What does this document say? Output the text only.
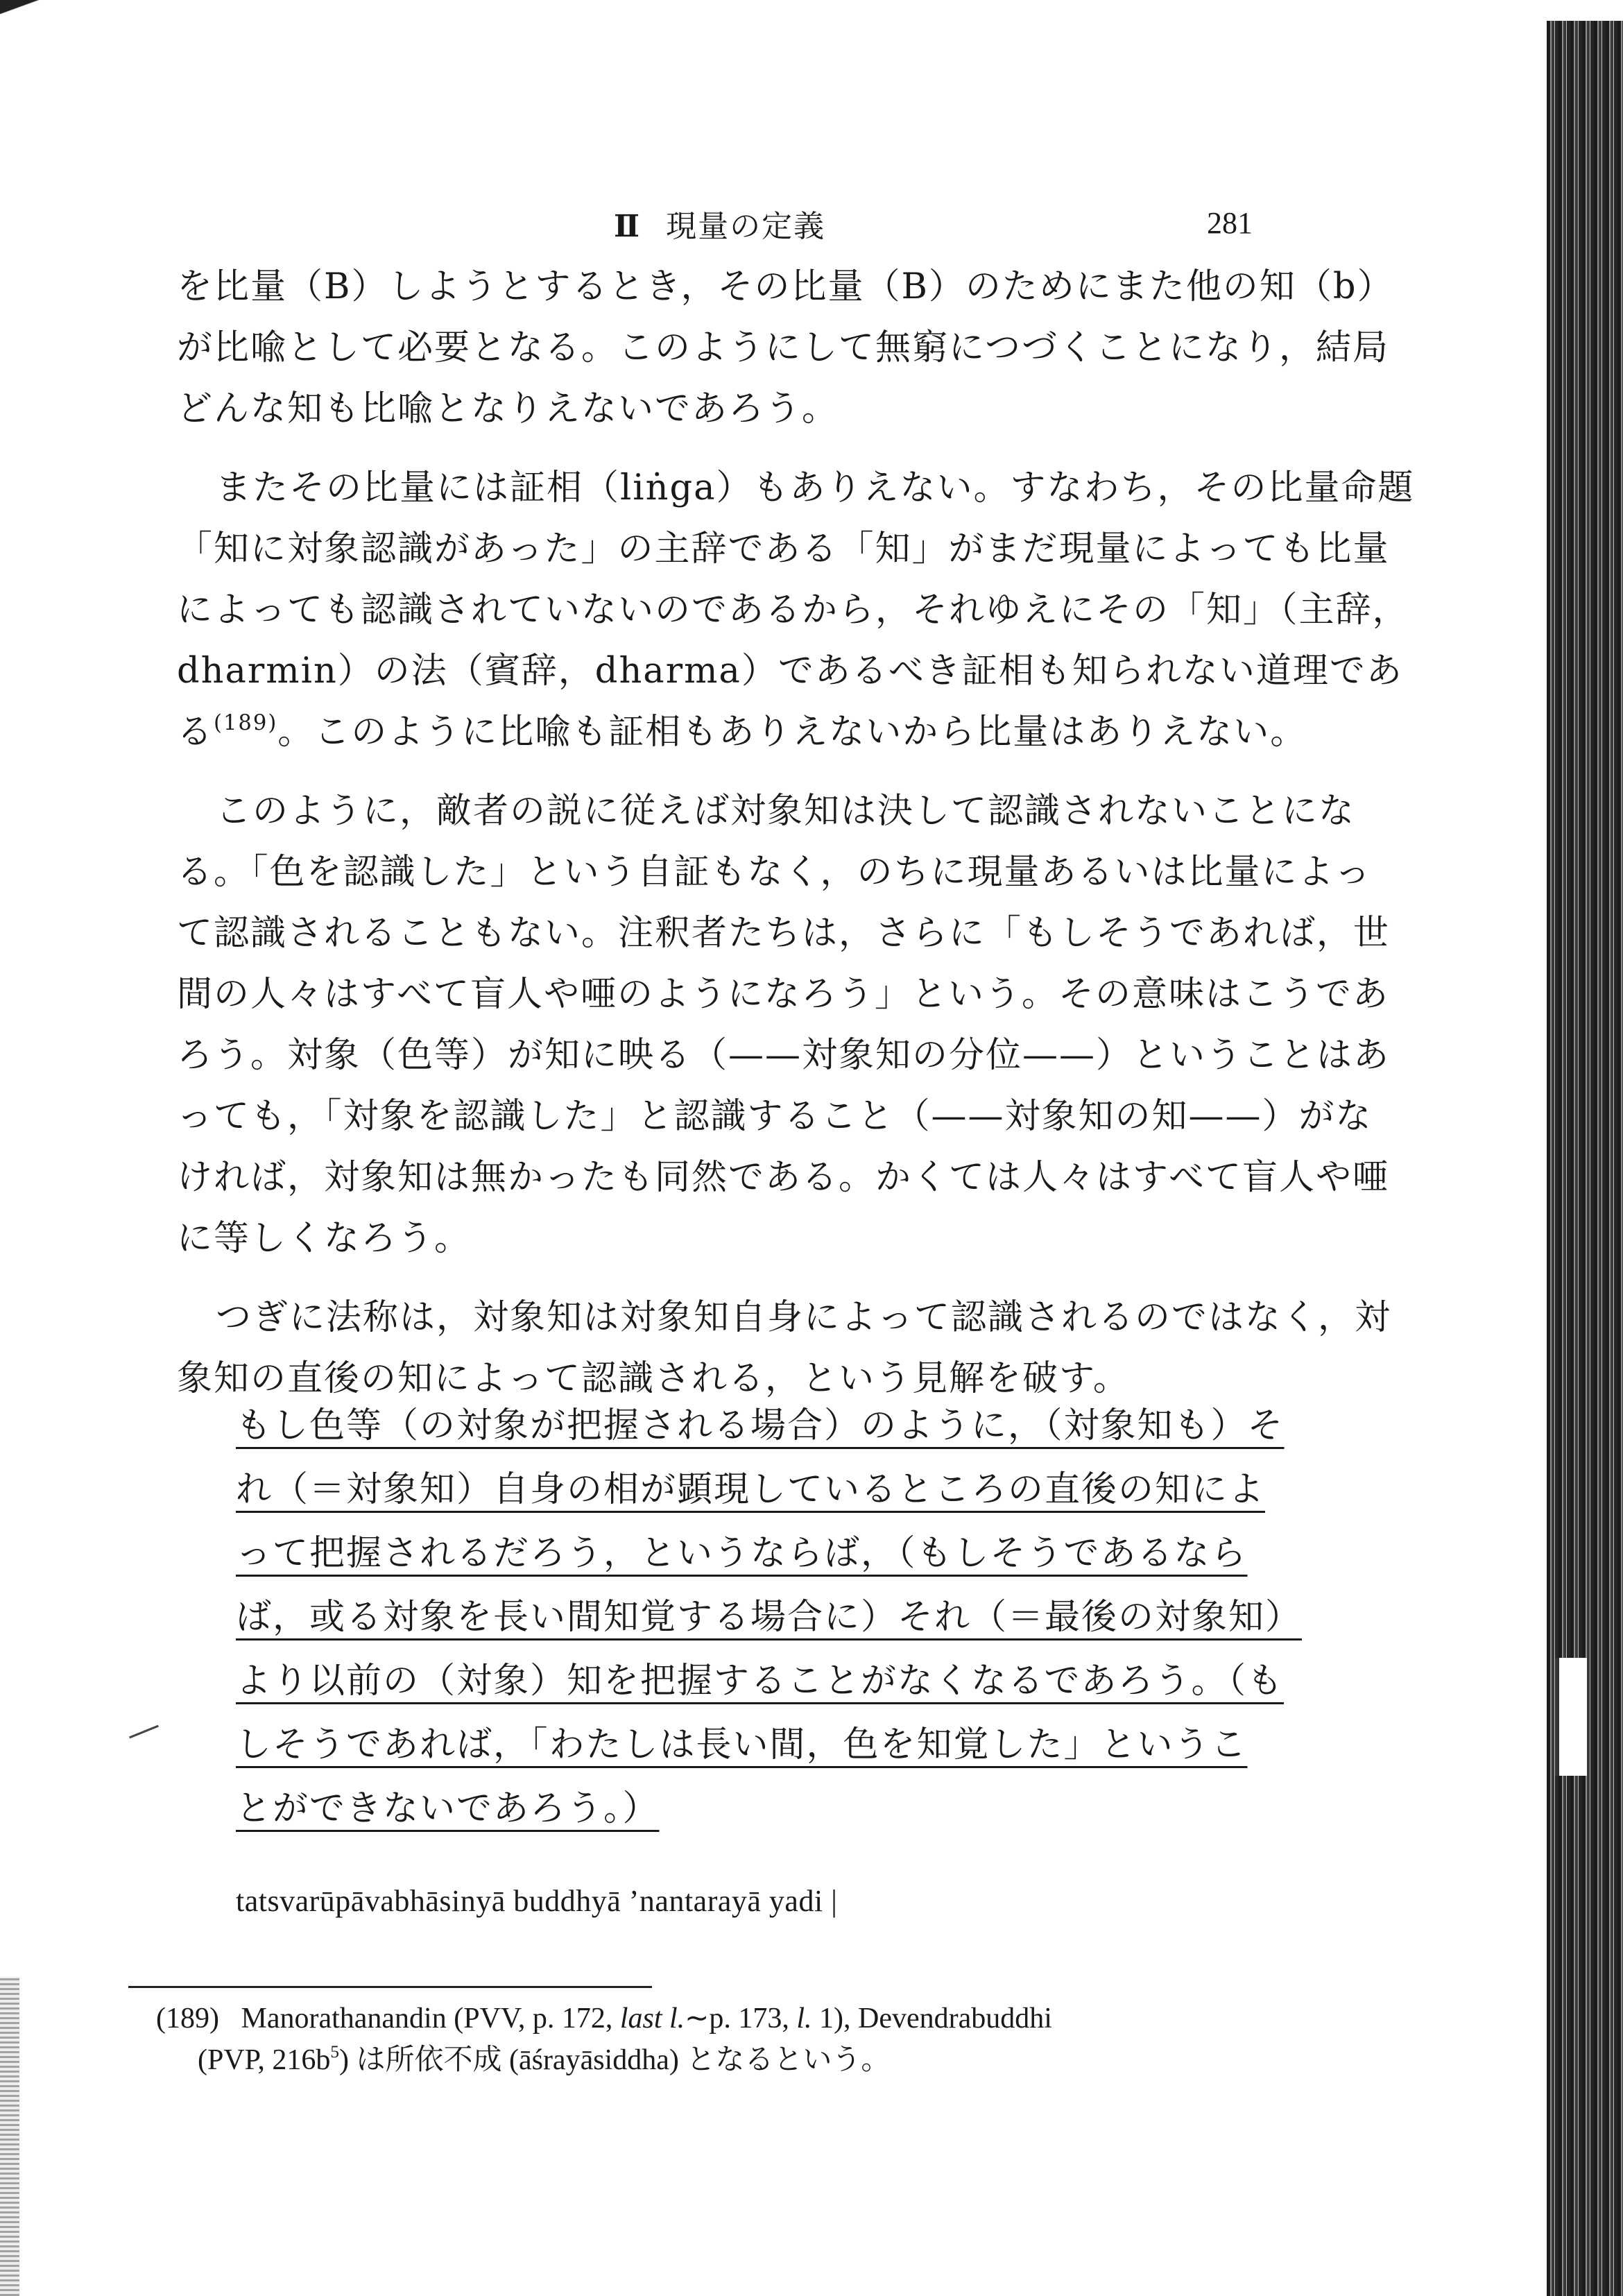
Ⅱ 現量の定義	281
を比量（B）しようとするとき，その比量（B）のためにまた他の知（b）
が比喩として必要となる。このようにして無窮につづくことになり，結局
どんな知も比喩となりえないであろう。
またその比量には証相（liṅga）もありえない。すなわち，その比量命題
「知に対象認識があった」の主辞である「知」がまだ現量によっても比量
によっても認識されていないのであるから，それゆえにその「知」（主辞，
dharmin）の法（賓辞，dharma）であるべき証相も知られない道理であ
る$^{(189)}$。このように比喩も証相もありえないから比量はありえない。
このように，敵者の説に従えば対象知は決して認識されないことにな
る。「色を認識した」という自証もなく，のちに現量あるいは比量によっ
て認識されることもない。注釈者たちは，さらに「もしそうであれば，世
間の人々はすべて盲人や唖のようになろう」という。その意味はこうであ
ろう。対象（色等）が知に映る（——対象知の分位——）ということはあ
っても，「対象を認識した」と認識すること（——対象知の知——）がな
ければ，対象知は無かったも同然である。かくては人々はすべて盲人や唖
に等しくなろう。
つぎに法称は，対象知は対象知自身によって認識されるのではなく，対
象知の直後の知によって認識される，という見解を破す。
もし色等（の対象が把握される場合）のように，（対象知も）そ
れ（＝対象知）自身の相が顕現しているところの直後の知によ
って把握されるだろう，というならば，（もしそうであるなら
ば，或る対象を長い間知覚する場合に）それ（＝最後の対象知）
より以前の（対象）知を把握することがなくなるであろう。（も
しそうであれば，「わたしは長い間，色を知覚した」というこ
とができないであろう。）
tatsvarūpāvabhāsinyā buddhyā ’nantarayā yadi |
(189) Manorathanandin (PVV, p. 172, last l.∼p. 173, l. 1), Devendrabuddhi
(PVP, $216b^5$) は所依不成 (āśrayāsiddha) となるという。
